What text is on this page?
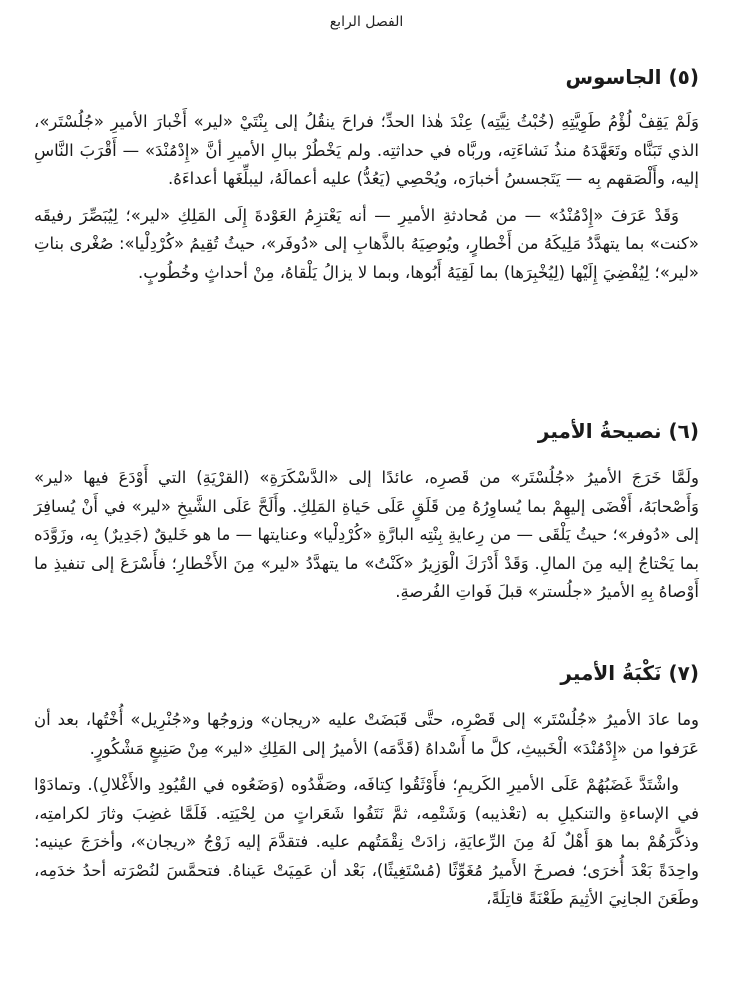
الفصل الرابع
(٥) الجاسوس

وَلَمْ يَقِفْ لُؤْمُ طَوِيَّتِهِ (خُبْثُ نِيَّتِه) عِنْدَ هٰذا الحدِّ؛ فراحَ ينقُلُ إلى بِنْتَيْ «لير» أَخْبارَ الأميرِ «جُلُسْتَر»، الذي تَبَنَّاه وتَعَهَّدَهُ منذُ نَشاءَتِه، وربَّاه في حداثتِه. ولم يَخْطُرْ ببالِ الأميرِ أنَّ «إِدْمُنْدَ» — أَقْرَبَ النَّاسِ إليه، وأَلْصَقهم بِه — يَتَجسسُ أخبارَه، ويُحْصِي (يَعُدُّ) عليه أعمالَهُ، ليبلِّغَها أعداءَهُ.

وَقَدْ عَرَفَ «إِدْمُنْدُ» — من مُحادثةِ الأميرِ — أنه يَعْتزِمُ العَوْدةَ إِلَى المَلِكِ «لير»؛ لِيُبَصِّرَ رفيقَه «كنت» بما يتهدَّدُ مَلِيكَهُ من أَخْطارٍ، ويُوصِيَهُ بالذَّهابِ إلى «دُوفَر»، حيثُ تُقِيمُ «كُرْدِلْيا»: صُغْرى بناتِ «لير»؛ لِيُفْضِيَ إِلَيْها (لِيُخْبِرَها) بما لَقِيَهُ أَبُوها، وبما لا يزالُ يَلْقاهُ، مِنْ أحداثٍ وخُطُوبٍ.

(٦) نصيحةُ الأمير

ولَمَّا خَرَجَ الأميرُ «جُلُسْتَر» من قَصرِه، عائدًا إلى «الدَّسْكَرَةِ» (القرْيَةِ) التي أَوْدَعَ فيها «لير» وَأَصْحابَهُ، أَفْضَى إليهِمْ بما يُساوِرُهُ مِن قَلَقٍ عَلَى حَياةِ المَلِكِ. وأَلَحَّ عَلَى الشَّيخِ «لير» في أَنْ يُسافِرَ إلى «دُوفر»؛ حيثُ يَلْقَى — من رِعايةِ بِنْتِه البارَّةِ «كُرْدِلْيا» وعنايتها — ما هو خَليقٌ (جَدِيرٌ) بِه، وزَوَّدَه بما يَحْتاجُ إليه مِنَ المالِ. وَقَدْ أَدْرَكَ الْوَزِيرُ «كَنْتُ» ما يتهدَّدُ «لير» مِنَ الأَخْطارِ؛ فأَسْرَعَ إلى تنفيذِ ما أَوْصاهُ بِهِ الأميرُ «جلُستر» قبلَ فَواتِ الفُرصةِ.

(٧) نَكْبَةُ الأمير

وما عادَ الأميرُ «جُلُسْتَر» إلى قَصْرِه، حتَّى قَبَضَتْ عليه «ريجان» وزوجُها و«جُنْرِيل» أُخْتُها، بعد أن عَرَفوا من «إِدْمُنْدَ» الْخَبيثِ، كلَّ ما أَسْداهُ (قَدَّمَه) الأميرُ إلى المَلِكِ «لير» مِنْ صَنِيعٍ مَشْكُورٍ.

واشْتَدَّ غَضَبُهُمْ عَلَى الأميرِ الكَريمِ؛ فأَوْثَقُوا كِتافَه، وصَفَّدُوه (وَضَعُوه في القُيُودِ والأَغْلالِ). وتمادَوْا في الإساءةِ والتنكيلِ به (تعْذيبه) وَشَتْمِه، ثمَّ نَتَفُوا شَعَراتٍ من لِحْيَتِه. فَلَمَّا غضِبَ وثارَ لكرامتِه، وذكَّرَهُمْ بما هوَ أَهْلٌ لَهُ مِنَ الرِّعايَةِ، زادَتْ نِقْمَتُهم عليه. فتقدَّمَ إليه زَوْجُ «ريجان»، وأخرَجَ عينيه: واحِدَةً بَعْدَ أُخرَى؛ فصرخَ الأَميرُ مُغَوِّثًا (مُسْتَغِيثًا)، بَعْد أن عَمِيَتْ عَيناهُ. فتحمَّسَ لنُصْرَته أحدُ خدَمِه، وطَعَنَ الجانِيَ الأثِيمَ طَعْنَةً قاتِلَةً،
